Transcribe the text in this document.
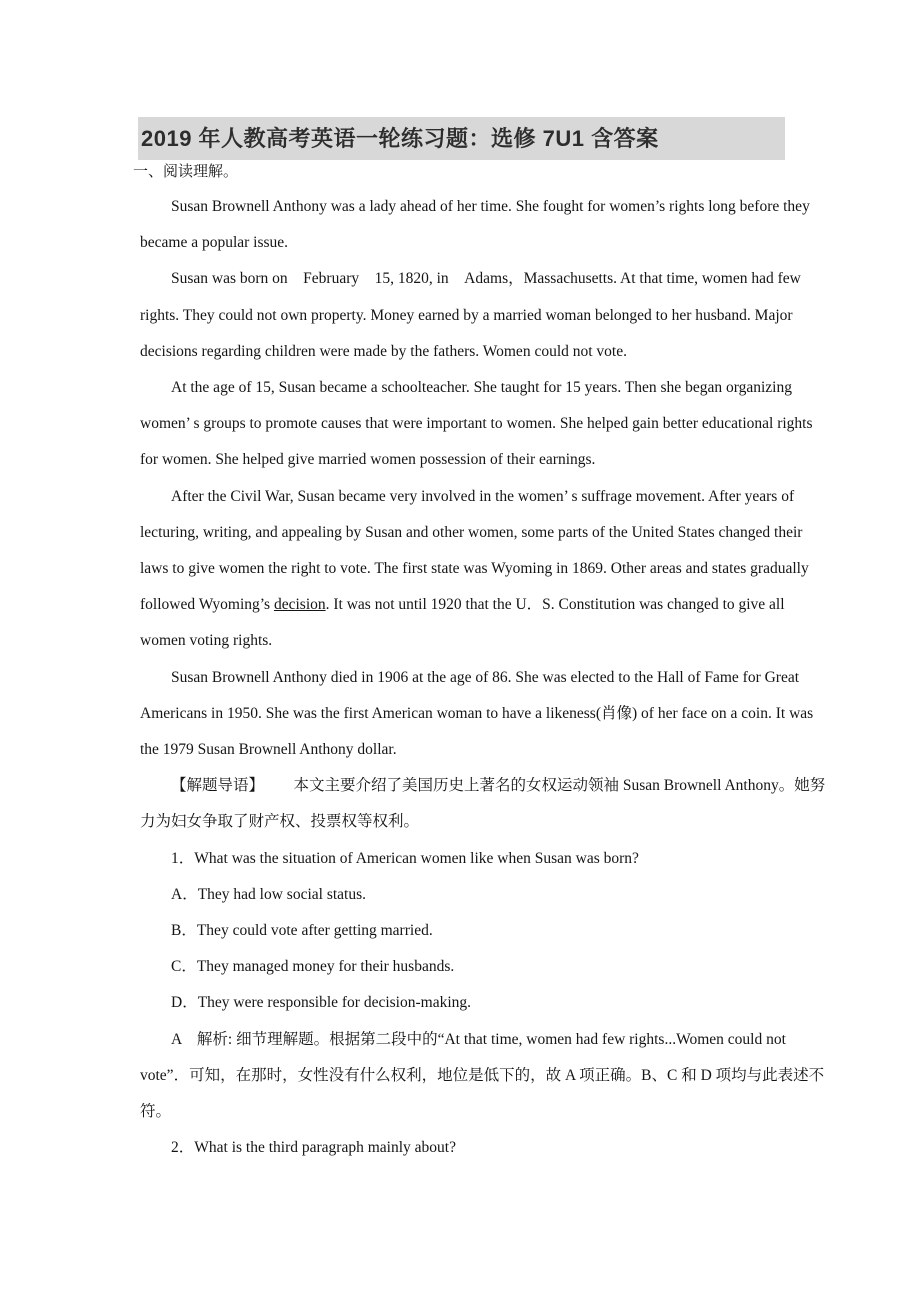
2019 年人教高考英语一轮练习题：选修 7U1 含答案
一、阅读理解。

Susan Brownell Anthony was a lady ahead of her time. She fought for women’s rights long before they became a popular issue.

Susan was born on　February　15, 1820, in　Adams，Massachusetts. At that time, women had few rights. They could not own property. Money earned by a married woman belonged to her husband. Major decisions regarding children were made by the fathers. Women could not vote.

At the age of 15, Susan became a schoolteacher. She taught for 15 years. Then she began organizing women’ s groups to promote causes that were important to women. She helped gain better educational rights for women. She helped give married women possession of their earnings.

After the Civil War, Susan became very involved in the women’ s suffrage movement. After years of lecturing, writing, and appealing by Susan and other women, some parts of the United States changed their laws to give women the right to vote. The first state was Wyoming in 1869. Other areas and states gradually followed Wyoming’s decision. It was not until 1920 that the U．S. Constitution was changed to give all women voting rights.

Susan Brownell Anthony died in 1906 at the age of 86. She was elected to the Hall of Fame for Great Americans in 1950. She was the first American woman to have a likeness(肖像) of her face on a coin. It was the 1979 Susan Brownell Anthony dollar.

【解题导语】 本文主要介绍了美国历史上著名的女权运动领袖 Susan Brownell Anthony。她努力为妇女争取了财产权、投票权等权利。

1．What was the situation of American women like when Susan was born?

A．They had low social status.

B．They could vote after getting married.

C．They managed money for their husbands.

D．They were responsible for decision-making.

A 解析: 细节理解题。根据第二段中的“At that time, women had few rights...Women could not vote”．可知，在那时，女性没有什么权利，地位是低下的，故 A 项正确。B、C 和 D 项均与此表述不符。

2．What is the third paragraph mainly about?
